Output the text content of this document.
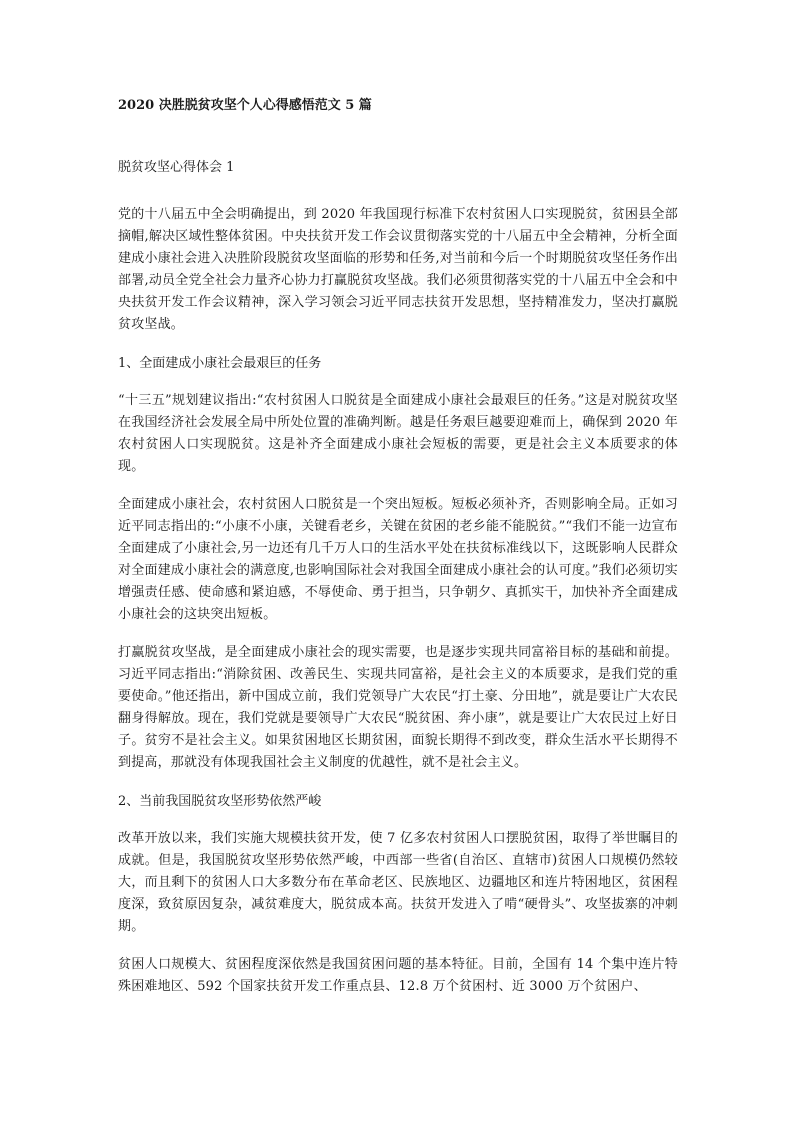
2020 决胜脱贫攻坚个人心得感悟范文 5 篇

脱贫攻坚心得体会 1

党的十八届五中全会明确提出，到 2020 年我国现行标准下农村贫困人口实现脱贫，贫困县全部摘帽,解决区域性整体贫困。中央扶贫开发工作会议贯彻落实党的十八届五中全会精神，分析全面建成小康社会进入决胜阶段脱贫攻坚面临的形势和任务,对当前和今后一个时期脱贫攻坚任务作出部署,动员全党全社会力量齐心协力打赢脱贫攻坚战。我们必须贯彻落实党的十八届五中全会和中央扶贫开发工作会议精神，深入学习领会习近平同志扶贫开发思想，坚持精准发力，坚决打赢脱贫攻坚战。

1、全面建成小康社会最艰巨的任务

“十三五”规划建议指出:“农村贫困人口脱贫是全面建成小康社会最艰巨的任务。”这是对脱贫攻坚在我国经济社会发展全局中所处位置的准确判断。越是任务艰巨越要迎难而上，确保到 2020 年农村贫困人口实现脱贫。这是补齐全面建成小康社会短板的需要，更是社会主义本质要求的体现。

全面建成小康社会，农村贫困人口脱贫是一个突出短板。短板必须补齐，否则影响全局。正如习近平同志指出的:“小康不小康，关键看老乡，关键在贫困的老乡能不能脱贫。”“我们不能一边宣布全面建成了小康社会,另一边还有几千万人口的生活水平处在扶贫标准线以下，这既影响人民群众对全面建成小康社会的满意度,也影响国际社会对我国全面建成小康社会的认可度。”我们必须切实增强责任感、使命感和紧迫感，不辱使命、勇于担当，只争朝夕、真抓实干，加快补齐全面建成小康社会的这块突出短板。

打赢脱贫攻坚战，是全面建成小康社会的现实需要，也是逐步实现共同富裕目标的基础和前提。习近平同志指出:“消除贫困、改善民生、实现共同富裕，是社会主义的本质要求，是我们党的重要使命。”他还指出，新中国成立前，我们党领导广大农民“打土豪、分田地”，就是要让广大农民翻身得解放。现在，我们党就是要领导广大农民“脱贫困、奔小康”，就是要让广大农民过上好日子。贫穷不是社会主义。如果贫困地区长期贫困，面貌长期得不到改变，群众生活水平长期得不到提高，那就没有体现我国社会主义制度的优越性，就不是社会主义。

2、当前我国脱贫攻坚形势依然严峻

改革开放以来，我们实施大规模扶贫开发，使 7 亿多农村贫困人口摆脱贫困，取得了举世瞩目的成就。但是，我国脱贫攻坚形势依然严峻，中西部一些省(自治区、直辖市)贫困人口规模仍然较大，而且剩下的贫困人口大多数分布在革命老区、民族地区、边疆地区和连片特困地区，贫困程度深，致贫原因复杂，减贫难度大，脱贫成本高。扶贫开发进入了啃“硬骨头”、攻坚拔寨的冲刺期。

贫困人口规模大、贫困程度深依然是我国贫困问题的基本特征。目前，全国有 14 个集中连片特殊困难地区、592 个国家扶贫开发工作重点县、12.8 万个贫困村、近 3000 万个贫困户、
